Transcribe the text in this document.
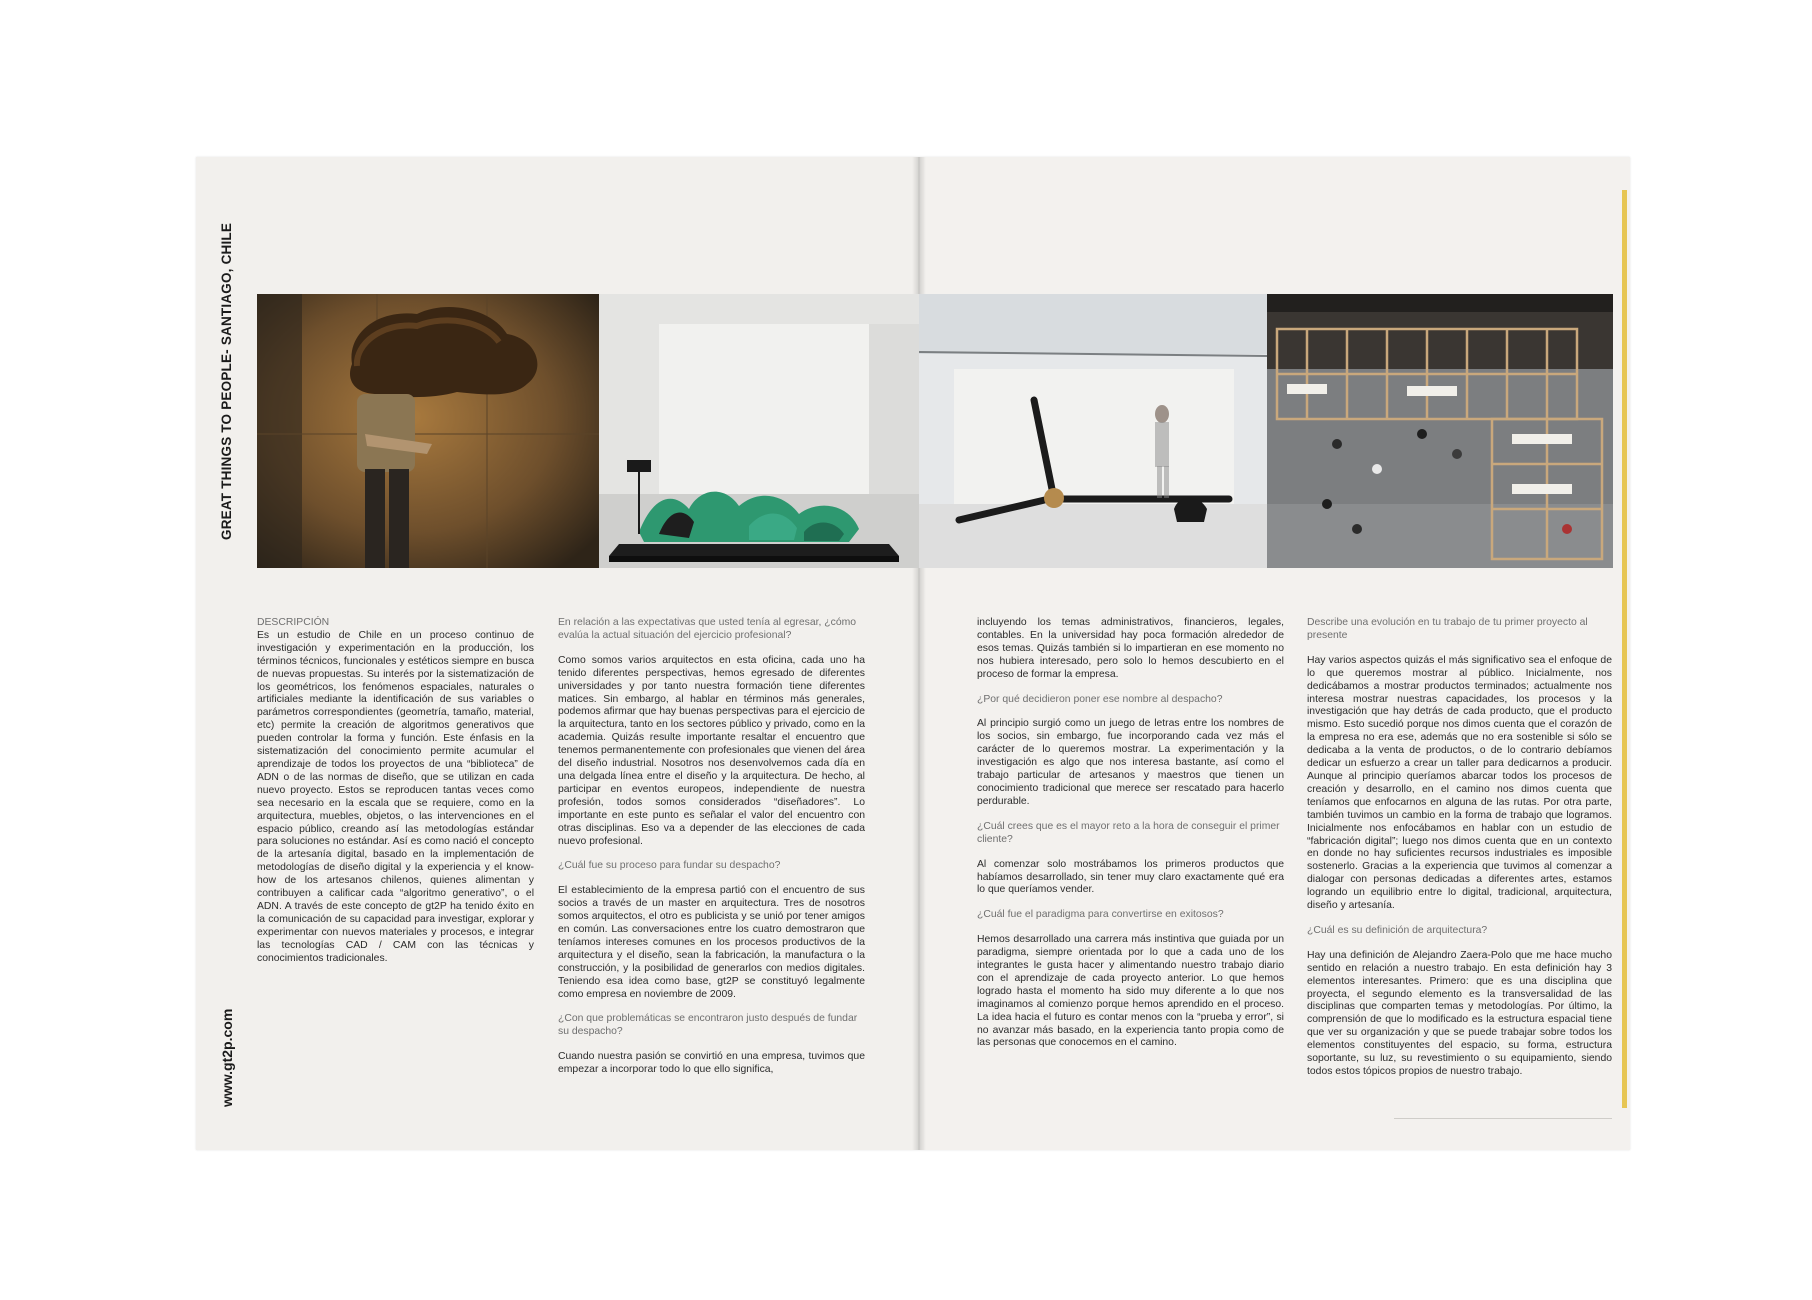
GREAT THINGS TO PEOPLE- SANTIAGO, CHILE
www.gt2p.com

DESCRIPCIÓN

Es un estudio de Chile en un proceso continuo de investigación y experimentación en la producción, los términos técnicos, funcionales y estéticos siempre en busca de nuevas propuestas. Su interés por la sistematización de los geométricos, los fenómenos espaciales, naturales o artificiales mediante la identificación de sus variables o parámetros correspondientes (geometría, tamaño, material, etc) permite la creación de algoritmos generativos que pueden controlar la forma y función. Este énfasis en la sistematización del conocimiento permite acumular el aprendizaje de todos los proyectos de una “biblioteca” de ADN o de las normas de diseño, que se utilizan en cada nuevo proyecto. Estos se reproducen tantas veces como sea necesario en la escala que se requiere, como en la arquitectura, muebles, objetos, o las intervenciones en el espacio público, creando así las metodologías estándar para soluciones no estándar. Así es como nació el concepto de la artesanía digital, basado en la implementación de metodologías de diseño digital y la experiencia y el know-how de los artesanos chilenos, quienes alimentan y contribuyen a calificar cada “algoritmo generativo”, o el ADN. A través de este concepto de gt2P ha tenido éxito en la comunicación de su capacidad para investigar, explorar y experimentar con nuevos materiales y procesos, e integrar las tecnologías CAD / CAM con las técnicas y conocimientos tradicionales.

En relación a las expectativas que usted tenía al egresar, ¿cómo evalúa la actual situación del ejercicio profesional?

Como somos varios arquitectos en esta oficina, cada uno ha tenido diferentes perspectivas, hemos egresado de diferentes universidades y por tanto nuestra formación tiene diferentes matices. Sin embargo, al hablar en términos más generales, podemos afirmar que hay buenas perspectivas para el ejercicio de la arquitectura, tanto en los sectores público y privado, como en la academia. Quizás resulte importante resaltar el encuentro que tenemos permanentemente con profesionales que vienen del área del diseño industrial. Nosotros nos desenvolvemos cada día en una delgada línea entre el diseño y la arquitectura. De hecho, al participar en eventos europeos, independiente de nuestra profesión, todos somos considerados “diseñadores”. Lo importante en este punto es señalar el valor del encuentro con otras disciplinas. Eso va a depender de las elecciones de cada nuevo profesional.

¿Cuál fue su proceso para fundar su despacho?

El establecimiento de la empresa partió con el encuentro de sus socios a través de un master en arquitectura. Tres de nosotros somos arquitectos, el otro es publicista y se unió por tener amigos en común. Las conversaciones entre los cuatro demostraron que teníamos intereses comunes en los procesos productivos de la arquitectura y el diseño, sean la fabricación, la manufactura o la construcción, y la posibilidad de generarlos con medios digitales. Teniendo esa idea como base, gt2P se constituyó legalmente como empresa en noviembre de 2009.

¿Con que problemáticas se encontraron justo después de fundar su despacho?

Cuando nuestra pasión se convirtió en una empresa, tuvimos que empezar a incorporar todo lo que ello significa,

incluyendo los temas administrativos, financieros, legales, contables. En la universidad hay poca formación alrededor de esos temas. Quizás también si lo impartieran en ese momento no nos hubiera interesado, pero solo lo hemos descubierto en el proceso de formar la empresa.

¿Por qué decidieron poner ese nombre al despacho?

Al principio surgió como un juego de letras entre los nombres de los socios, sin embargo, fue incorporando cada vez más el carácter de lo queremos mostrar. La experimentación y la investigación es algo que nos interesa bastante, así como el trabajo particular de artesanos y maestros que tienen un conocimiento tradicional que merece ser rescatado para hacerlo perdurable.

¿Cuál crees que es el mayor reto a la hora de conseguir el primer cliente?

Al comenzar solo mostrábamos los primeros productos que habíamos desarrollado, sin tener muy claro exactamente qué era lo que queríamos vender.

¿Cuál fue el paradigma para convertirse en exitosos?

Hemos desarrollado una carrera más instintiva que guiada por un paradigma, siempre orientada por lo que a cada uno de los integrantes le gusta hacer y alimentando nuestro trabajo diario con el aprendizaje de cada proyecto anterior. Lo que hemos logrado hasta el momento ha sido muy diferente a lo que nos imaginamos al comienzo porque hemos aprendido en el proceso. La idea hacia el futuro es contar menos con la “prueba y error”, si no avanzar más basado, en la experiencia tanto propia como de las personas que conocemos en el camino.

Describe una evolución en tu trabajo de tu primer proyecto al presente

Hay varios aspectos quizás el más significativo sea el enfoque de lo que queremos mostrar al público. Inicialmente, nos dedicábamos a mostrar productos terminados; actualmente nos interesa mostrar nuestras capacidades, los procesos y la investigación que hay detrás de cada producto, que el producto mismo. Esto sucedió porque nos dimos cuenta que el corazón de la empresa no era ese, además que no era sostenible si sólo se dedicaba a la venta de productos, o de lo contrario debíamos dedicar un esfuerzo a crear un taller para dedicarnos a producir. Aunque al principio queríamos abarcar todos los procesos de creación y desarrollo, en el camino nos dimos cuenta que teníamos que enfocarnos en alguna de las rutas. Por otra parte, también tuvimos un cambio en la forma de trabajo que logramos. Inicialmente nos enfocábamos en hablar con un estudio de “fabricación digital”; luego nos dimos cuenta que en un contexto en donde no hay suficientes recursos industriales es imposible sostenerlo. Gracias a la experiencia que tuvimos al comenzar a dialogar con personas dedicadas a diferentes artes, estamos logrando un equilibrio entre lo digital, tradicional, arquitectura, diseño y artesanía.

¿Cuál es su definición de arquitectura?

Hay una definición de Alejandro Zaera-Polo que me hace mucho sentido en relación a nuestro trabajo. En esta definición hay 3 elementos interesantes. Primero: que es una disciplina que proyecta, el segundo elemento es la transversalidad de las disciplinas que comparten temas y metodologías. Por último, la comprensión de que lo modificado es la estructura espacial tiene que ver su organización y que se puede trabajar sobre todos los elementos constituyentes del espacio, su forma, estructura soportante, su luz, su revestimiento o su equipamiento, siendo todos estos tópicos propios de nuestro trabajo.
